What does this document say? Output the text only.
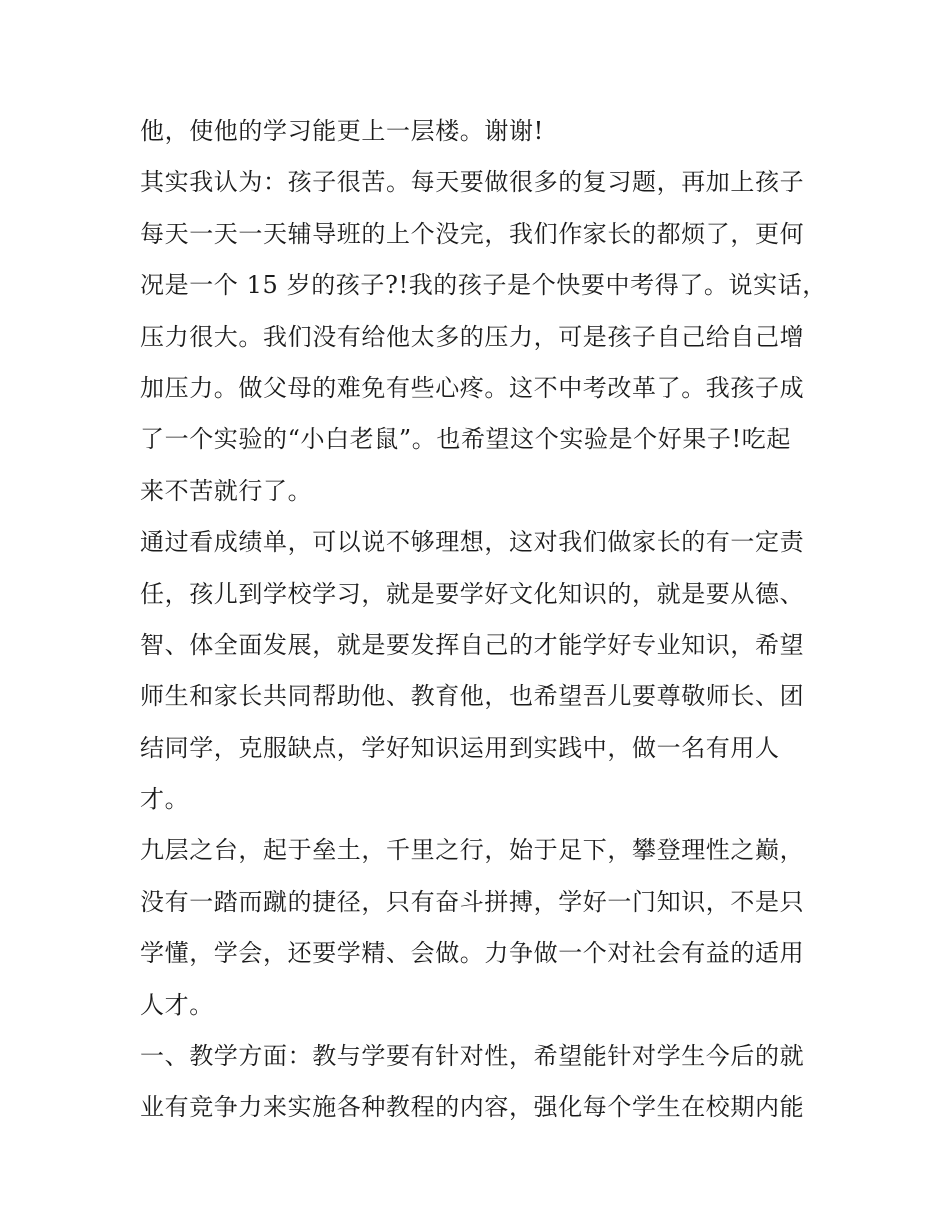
他，使他的学习能更上一层楼。谢谢!
其实我认为：孩子很苦。每天要做很多的复习题，再加上孩子
每天一天一天辅导班的上个没完，我们作家长的都烦了，更何
况是一个 15 岁的孩子?!我的孩子是个快要中考得了。说实话，
压力很大。我们没有给他太多的压力，可是孩子自己给自己增
加压力。做父母的难免有些心疼。这不中考改革了。我孩子成
了一个实验的“小白老鼠”。也希望这个实验是个好果子!吃起
来不苦就行了。
通过看成绩单，可以说不够理想，这对我们做家长的有一定责
任，孩儿到学校学习，就是要学好文化知识的，就是要从德、
智、体全面发展，就是要发挥自己的才能学好专业知识，希望
师生和家长共同帮助他、教育他，也希望吾儿要尊敬师长、团
结同学，克服缺点，学好知识运用到实践中，做一名有用人
才。
九层之台，起于垒土，千里之行，始于足下，攀登理性之巅，
没有一踏而蹴的捷径，只有奋斗拼搏，学好一门知识，不是只
学懂，学会，还要学精、会做。力争做一个对社会有益的适用
人才。
一、教学方面：教与学要有针对性，希望能针对学生今后的就
业有竞争力来实施各种教程的内容，强化每个学生在校期内能
